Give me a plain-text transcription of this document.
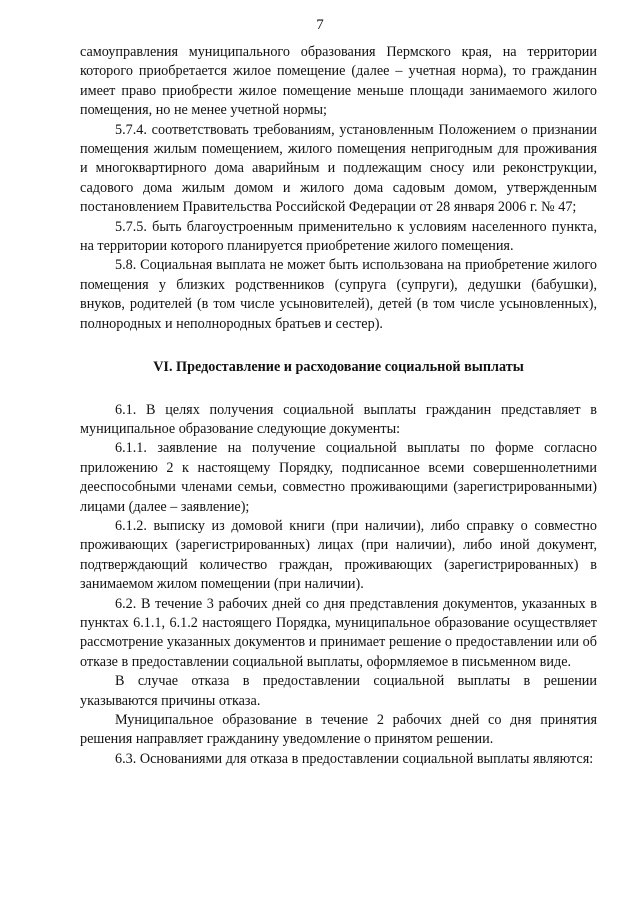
7

самоуправления муниципального образования Пермского края, на территории которого приобретается жилое помещение (далее – учетная норма), то гражданин имеет право приобрести жилое помещение меньше площади занимаемого жилого помещения, но не менее учетной нормы;

5.7.4. соответствовать требованиям, установленным Положением о признании помещения жилым помещением, жилого помещения непригодным для проживания и многоквартирного дома аварийным и подлежащим сносу или реконструкции, садового дома жилым домом и жилого дома садовым домом, утвержденным постановлением Правительства Российской Федерации от 28 января 2006 г. № 47;

5.7.5. быть благоустроенным применительно к условиям населенного пункта, на территории которого планируется приобретение жилого помещения.

5.8. Социальная выплата не может быть использована на приобретение жилого помещения у близких родственников (супруга (супруги), дедушки (бабушки), внуков, родителей (в том числе усыновителей), детей (в том числе усыновленных), полнородных и неполнородных братьев и сестер).

VI. Предоставление и расходование социальной выплаты

6.1. В целях получения социальной выплаты гражданин представляет в муниципальное образование следующие документы:

6.1.1. заявление на получение социальной выплаты по форме согласно приложению 2 к настоящему Порядку, подписанное всеми совершеннолетними дееспособными членами семьи, совместно проживающими (зарегистрированными) лицами (далее – заявление);

6.1.2. выписку из домовой книги (при наличии), либо справку о совместно проживающих (зарегистрированных) лицах (при наличии), либо иной документ, подтверждающий количество граждан, проживающих (зарегистрированных) в занимаемом жилом помещении (при наличии).

6.2. В течение 3 рабочих дней со дня представления документов, указанных в пунктах 6.1.1, 6.1.2 настоящего Порядка, муниципальное образование осуществляет рассмотрение указанных документов и принимает решение о предоставлении или об отказе в предоставлении социальной выплаты, оформляемое в письменном виде.

В случае отказа в предоставлении социальной выплаты в решении указываются причины отказа.

Муниципальное образование в течение 2 рабочих дней со дня принятия решения направляет гражданину уведомление о принятом решении.

6.3. Основаниями для отказа в предоставлении социальной выплаты являются:
